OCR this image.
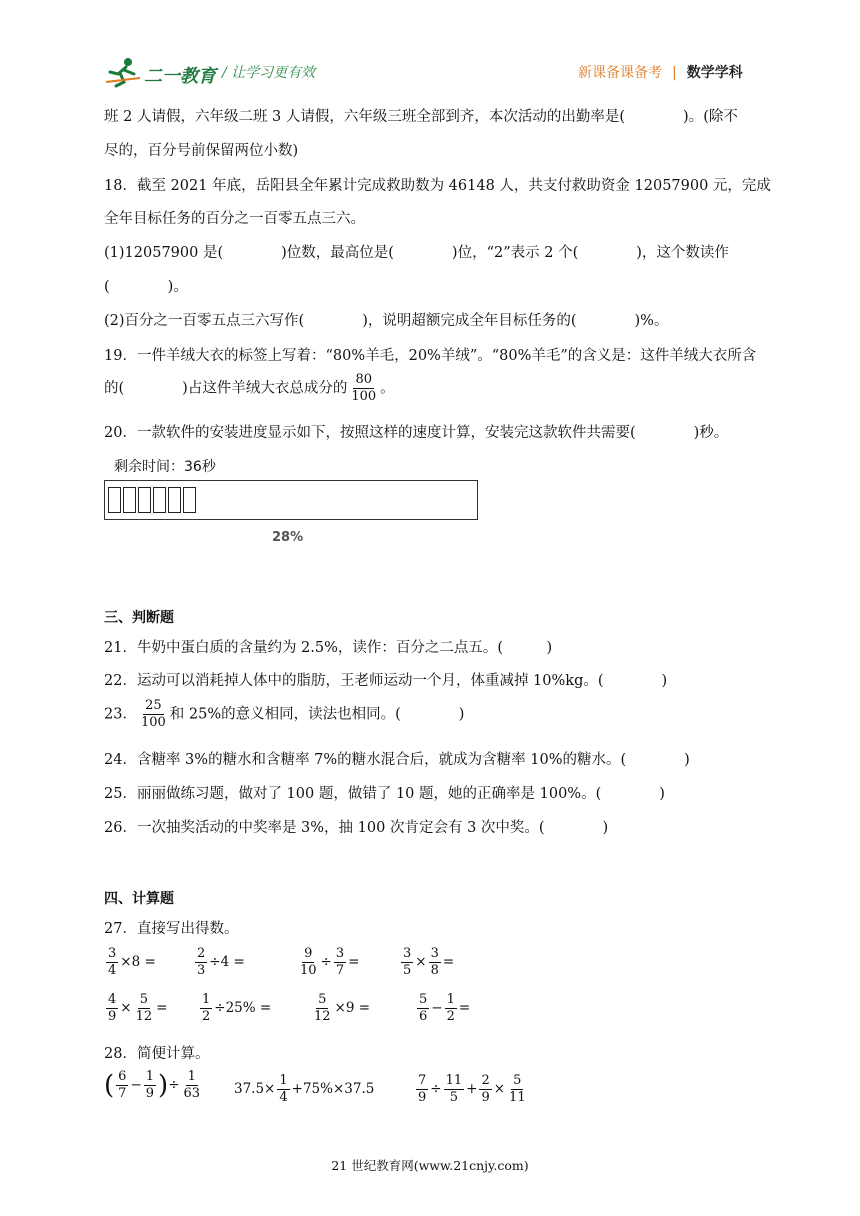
二一教育 / 让学习更有效	新课备课备考 | 数学学科
班 2 人请假，六年级二班 3 人请假，六年级三班全部到齐，本次活动的出勤率是(　　　　)。(除不
尽的，百分号前保留两位小数)
18．截至 2021 年底，岳阳县全年累计完成救助数为 46148 人，共支付救助资金 12057900 元，完成
全年目标任务的百分之一百零五点三六。
(1)12057900 是(　　　　)位数，最高位是(　　　　)位，“2”表示 2 个(　　　　)，这个数读作
(　　　　)。
(2)百分之一百零五点三六写作(　　　　)，说明超额完成全年目标任务的(　　　　)%。
19．一件羊绒大衣的标签上写着：“80%羊毛，20%羊绒”。“80%羊毛”的含义是：这件羊绒大衣所含
的(　　　　)占这件羊绒大衣总成分的 $\frac{80}{100}$ 。
20．一款软件的安装进度显示如下，按照这样的速度计算，安装完这款软件共需要(　　　　)秒。
剩余时间：36秒
28%
三、判断题
21．牛奶中蛋白质的含量约为 2.5%，读作：百分之二点五。(　　　)
22．运动可以消耗掉人体中的脂肪，王老师运动一个月，体重减掉 10%kg。(　　　　)
23． $\frac{25}{100}$ 和 25%的意义相同，读法也相同。(　　　　)
24．含糖率 3%的糖水和含糖率 7%的糖水混合后，就成为含糖率 10%的糖水。(　　　　)
25．丽丽做练习题，做对了 100 题，做错了 10 题，她的正确率是 100%。(　　　　)
26．一次抽奖活动的中奖率是 3%，抽 100 次肯定会有 3 次中奖。(　　　　)
四、计算题
27．直接写出得数。
$\frac{3}{4} \times 8$ =	$\frac{2}{3} \div 4$ =	$\frac{9}{10} \div \frac{3}{7}$ =	$\frac{3}{5} \times \frac{3}{8}$ =
$\frac{4}{9} \times \frac{5}{12}$ =	$\frac{1}{2} \div 25\%$ =	$\frac{5}{12} \times 9$ =	$\frac{5}{6} - \frac{1}{2}$ =
28．简便计算。
( $\frac{6}{7} - \frac{1}{9}$ )÷ $\frac{1}{63} 37.5\times \frac{1}{4} +75\%\times 37.5$	$\frac{7}{9} \div \frac{11}{5} + \frac{2}{9} \times \frac{5}{11}$
21 世纪教育网(www.21cnjy.com)
